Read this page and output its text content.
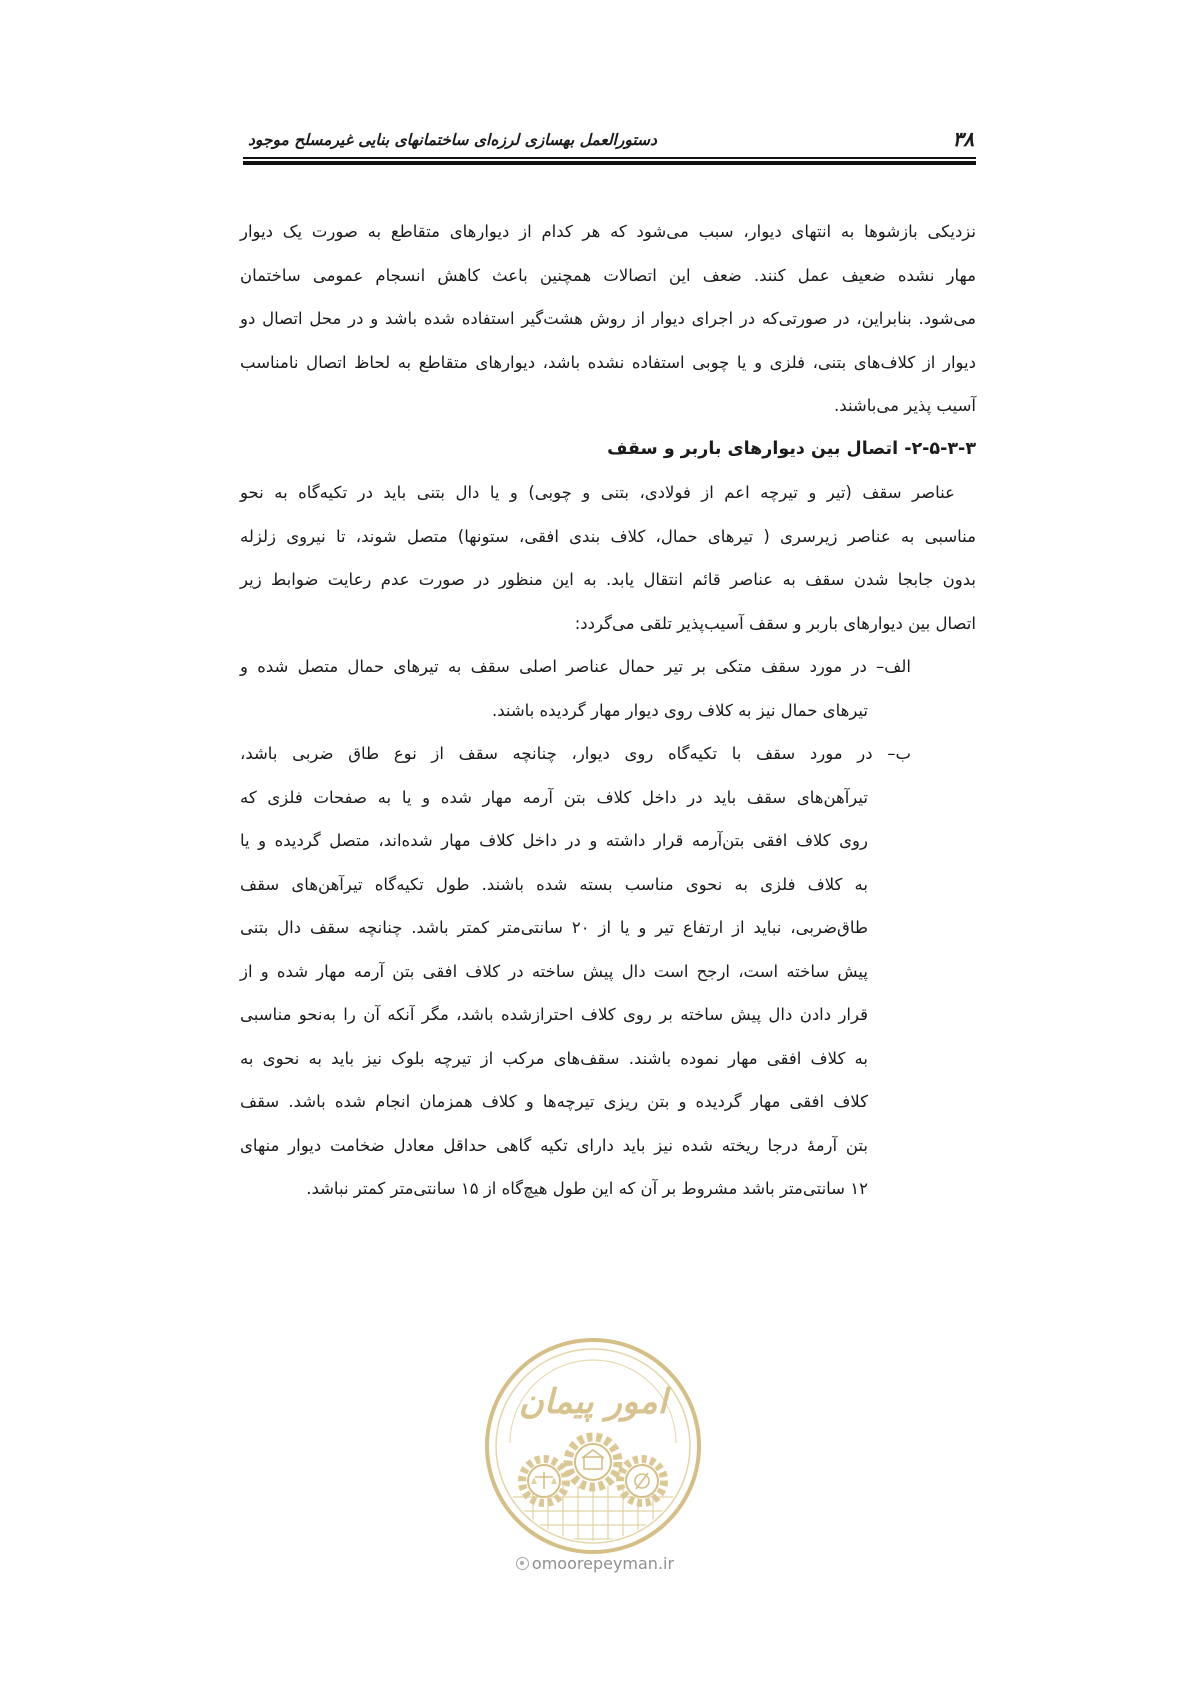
دستورالعمل بهسازی لرزه‌ای ساختمانهای بنایی غیرمسلح موجود	۳۸
نزدیکی بازشوها به انتهای دیوار، سبب می‌شود که هر کدام از دیوارهای متقاطع به صورت یک دیوار
مهار نشده ضعیف عمل کنند. ضعف این اتصالات همچنین باعث کاهش انسجام عمومی ساختمان
می‌شود. بنابراین، در صورتی‌که در اجرای دیوار از روش هشت‌گیر استفاده شده باشد و در محل اتصال دو
دیوار از کلاف‌های بتنی، فلزی و یا چوبی استفاده نشده باشد، دیوارهای متقاطع به لحاظ اتصال نامناسب
آسیب پذیر می‌باشند.
۳-۳-۵-۲- اتصال بین دیوارهای باربر و سقف
عناصر سقف (تیر و تیرچه اعم از فولادی، بتنی و چوبی) و یا دال بتنی باید در تکیه‌گاه به نحو
مناسبی به عناصر زیرسری ( تیرهای حمال، کلاف بندی افقی، ستونها) متصل شوند، تا نیروی زلزله
بدون جابجا شدن سقف به عناصر قائم انتقال یابد. به این منظور در صورت عدم رعایت ضوابط زیر
اتصال بین دیوارهای باربر و سقف آسیب‌پذیر تلقی می‌گردد:
الف– در مورد سقف متکی بر تیر حمال عناصر اصلی سقف به تیرهای حمال متصل شده و
تیرهای حمال نیز به کلاف روی دیوار مهار گردیده باشند.
ب– در مورد سقف با تکیه‌گاه روی دیوار، چنانچه سقف از نوع طاق ضربی باشد،
تیرآهن‌های سقف باید در داخل کلاف بتن آرمه مهار شده و یا به صفحات فلزی که
روی کلاف افقی بتن‌آرمه قرار داشته و در داخل کلاف مهار شده‌اند، متصل گردیده و یا
به کلاف فلزی به نحوی مناسب بسته شده باشند. طول تکیه‌گاه تیرآهن‌های سقف
طاق‌ضربی، نباید از ارتفاع تیر و یا از ۲۰ سانتی‌متر کمتر باشد. چنانچه سقف دال بتنی
پیش ساخته است، ارجح است دال پیش ساخته در کلاف افقی بتن آرمه مهار شده و از
قرار دادن دال پیش ساخته بر روی کلاف احترازشده باشد، مگر آنکه آن را به‌نحو مناسبی
به کلاف افقی مهار نموده باشند. سقف‌های مرکب از تیرچه بلوک نیز باید به نحوی به
کلاف افقی مهار گردیده و بتن ریزی تیرچه‌ها و کلاف همزمان انجام شده باشد. سقف
بتن آرمهٔ درجا ریخته شده نیز باید دارای تکیه گاهی حداقل معادل ضخامت دیوار منهای
۱۲ سانتی‌متر باشد مشروط بر آن که این طول هیچ‌گاه از ۱۵ سانتی‌متر کمتر نباشد.
امور پیمان
omoorepeyman.ir
